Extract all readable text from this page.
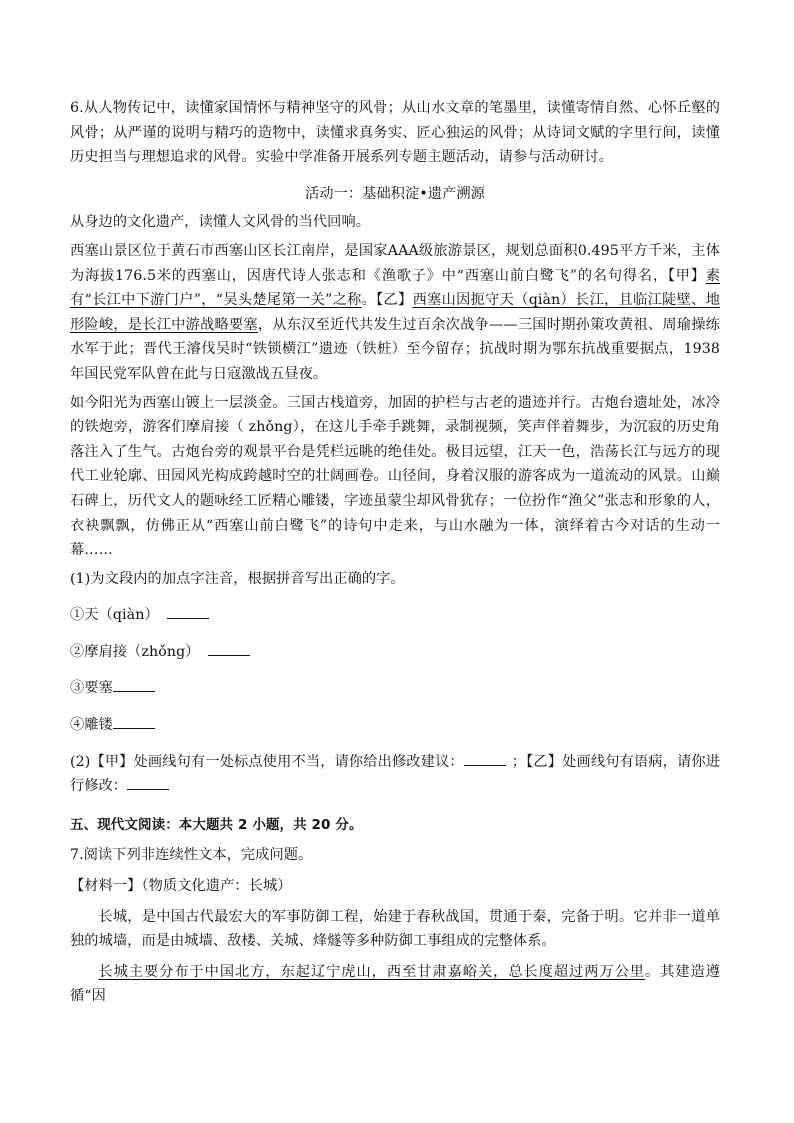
6.从人物传记中，读懂家国情怀与精神坚守的风骨；从山水文章的笔墨里，读懂寄情自然、心怀丘壑的风骨；从严谨的说明与精巧的造物中，读懂求真务实、匠心独运的风骨；从诗词文赋的字里行间，读懂历史担当与理想追求的风骨。实验中学准备开展系列专题主题活动，请参与活动研讨。

活动一：基础积淀•遗产溯源

从身边的文化遗产，读懂人文风骨的当代回响。

西塞山景区位于黄石市西塞山区长江南岸，是国家AAA级旅游景区，规划总面积0.495平方千米，主体为海拔176.5米的西塞山，因唐代诗人张志和《渔歌子》中“西塞山前白鹭飞”的名句得名，【甲】素有“长江中下游门户”，“吴头楚尾第一关”之称。【乙】西塞山因扼守天（qiàn）长江，且临江陡壁、地形险峻，是长江中游战略要塞，从东汉至近代共发生过百余次战争——三国时期孙策攻黄祖、周瑜操练水军于此；晋代王濬伐吴时“铁锁横江”遗迹（铁桩）至今留存；抗战时期为鄂东抗战重要据点，1938年国民党军队曾在此与日寇激战五昼夜。

如今阳光为西塞山镀上一层淡金。三国古栈道旁，加固的护栏与古老的遗迹并行。古炮台遗址处，冰冷的铁炮旁，游客们摩肩接（ zhǒng），在这儿手牵手跳舞，录制视频，笑声伴着舞步，为沉寂的历史角落注入了生气。古炮台旁的观景平台是凭栏远眺的绝佳处。极目远望，江天一色，浩荡长江与远方的现代工业轮廓、田园风光构成跨越时空的壮阔画卷。山径间，身着汉服的游客成为一道流动的风景。山巅石碑上，历代文人的题咏经工匠精心雕镂，字迹虽蒙尘却风骨犹存；一位扮作“渔父”张志和形象的人，衣袂飘飘，仿佛正从“西塞山前白鹭飞”的诗句中走来，与山水融为一体，演绎着古今对话的生动一幕……

(1)为文段内的加点字注音，根据拼音写出正确的字。

①天（qiàn）

②摩肩接（zhǒng）

③要塞

④雕镂

(2)【甲】处画线句有一处标点使用不当，请你给出修改建议：	；【乙】处画线句有语病，请你进行修改：

五、现代文阅读：本大题共 2 小题，共 20 分。

7.阅读下列非连续性文本，完成问题。

【材料一】（物质文化遗产：长城）

长城，是中国古代最宏大的军事防御工程，始建于春秋战国，贯通于秦，完备于明。它并非一道单独的城墙，而是由城墙、敌楼、关城、烽燧等多种防御工事组成的完整体系。

长城主要分布于中国北方，东起辽宁虎山，西至甘肃嘉峪关，总长度超过两万公里。其建造遵循“因
